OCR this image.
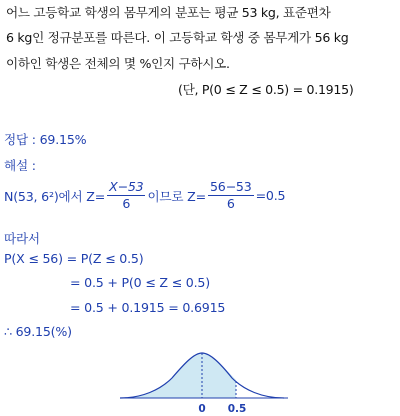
어느 고등학교 학생의 몸무게의 분포는 평균 53 kg, 표준편차
6 kg인 정규분포를 따른다. 이 고등학교 학생 중 몸무게가 56 kg
이하인 학생은 전체의 몇 %인지 구하시오.
(단, P(0 ≤ Z ≤ 0.5) = 0.1915)
정답 : 69.15%
해설 :
N(53, 6²)에서 $Z= \frac{X-53}{6}$ 이므로 $Z= \frac{56-53}{6} =0.5$
따라서
P(X ≤ 56) = P(Z ≤ 0.5)
= 0.5 + P(0 ≤ Z ≤ 0.5)
= 0.5 + 0.1915 = 0.6915
∴ 69.15(%)
0 0.5
